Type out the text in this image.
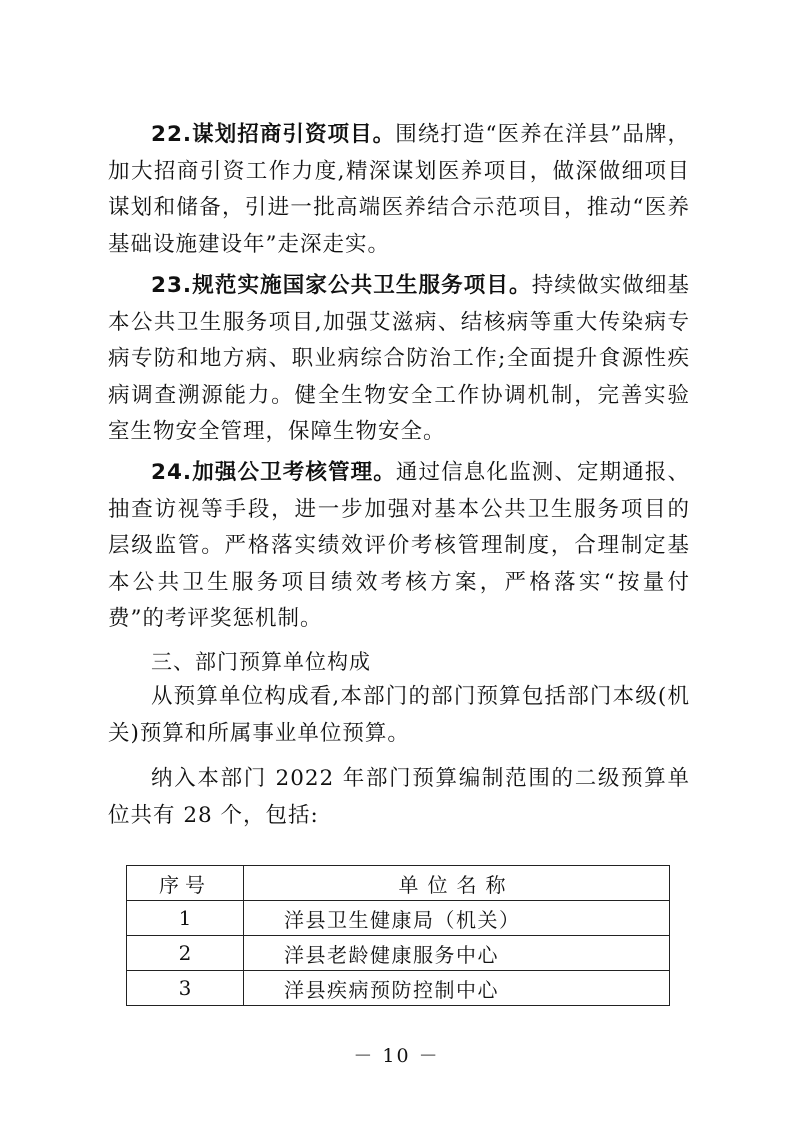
22.谋划招商引资项目。围绕打造“医养在洋县”品牌，加大招商引资工作力度,精深谋划医养项目，做深做细项目谋划和储备，引进一批高端医养结合示范项目，推动“医养基础设施建设年”走深走实。

23.规范实施国家公共卫生服务项目。持续做实做细基本公共卫生服务项目,加强艾滋病、结核病等重大传染病专病专防和地方病、职业病综合防治工作;全面提升食源性疾病调查溯源能力。健全生物安全工作协调机制，完善实验室生物安全管理，保障生物安全。

24.加强公卫考核管理。通过信息化监测、定期通报、抽查访视等手段，进一步加强对基本公共卫生服务项目的层级监管。严格落实绩效评价考核管理制度，合理制定基本公共卫生服务项目绩效考核方案，严格落实“按量付费”的考评奖惩机制。

三、部门预算单位构成

从预算单位构成看,本部门的部门预算包括部门本级(机关)预算和所属事业单位预算。

纳入本部门 2022 年部门预算编制范围的二级预算单位共有 28 个，包括:

序号	单位名称
1	洋县卫生健康局（机关）
2	洋县老龄健康服务中心
3	洋县疾病预防控制中心
－ 10 －
